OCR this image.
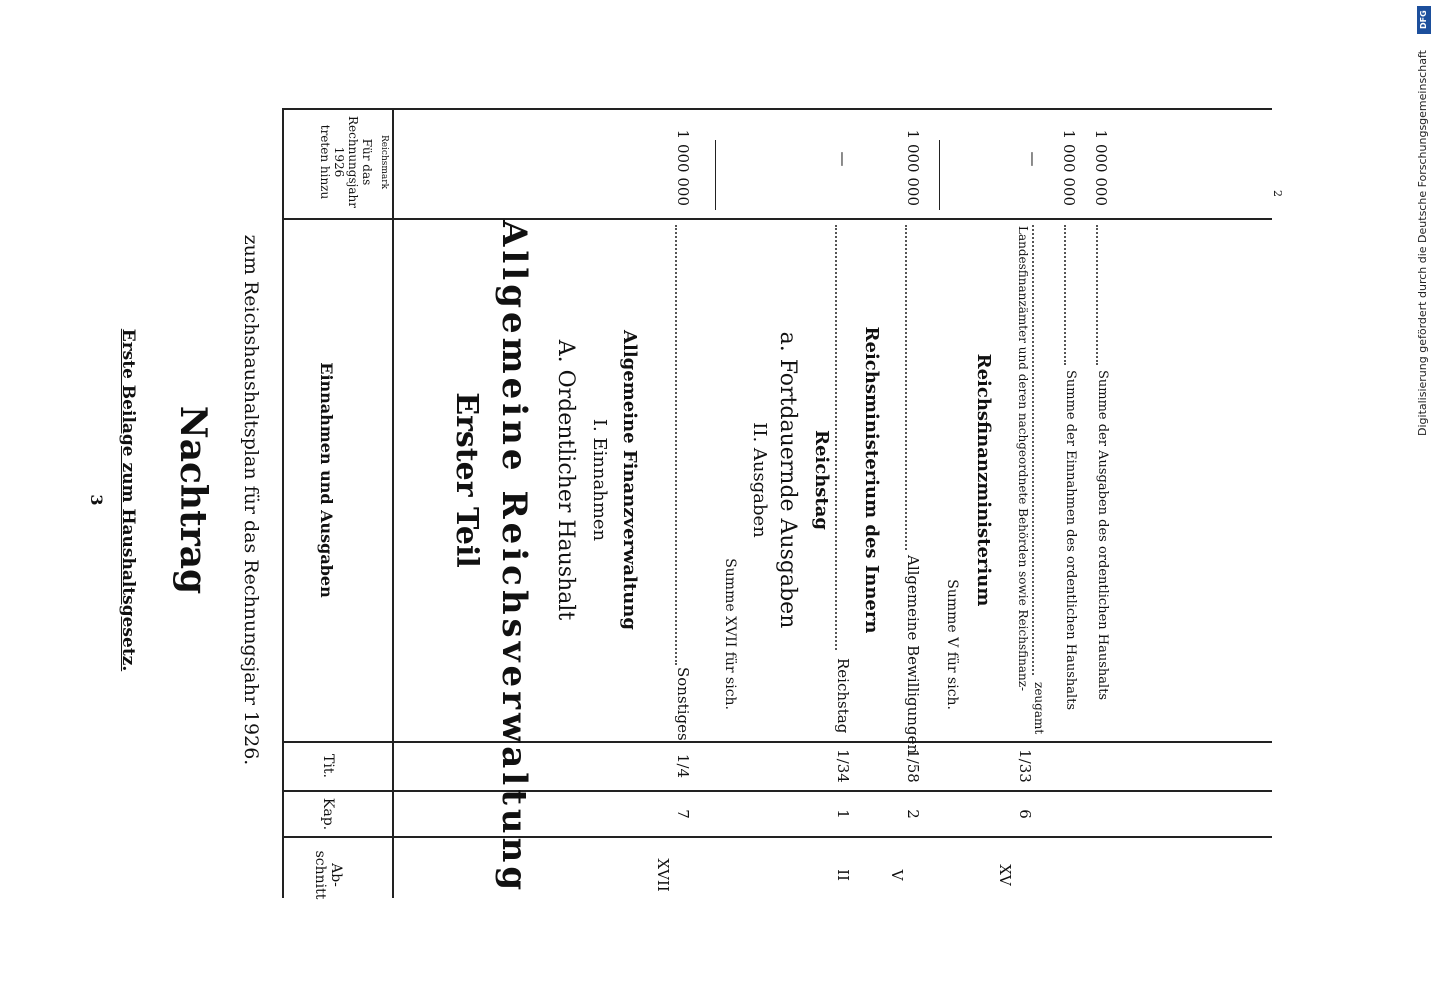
3 Erste Beilage zum Haushaltsgesetz. Nachtrag zum Reichshaushaltsplan für das Rechnungsjahr 1926.
Ab-
schnitt
Kap.
Tit.
Einnahmen und Ausgaben
Für das
Rechnungsjahr
1926
treten hinzu	Reichsmark
Erster Teil Allgemeine Reichsverwaltung A. Ordentlicher Haushalt I. Einnahmen Allgemeine Finanzverwaltung
XVII
7
1/4
Sonstiges
1 000 000
Summe XVII für sich.
II. Ausgaben a. Fortdauernde Ausgaben Reichstag
II
1
1/34
Reichstag
—
Reichsministerium des Innern
V
2
1/58
Allgemeine Bewilligungen
1 000 000
Summe V für sich.
Reichsfinanzministerium
XV
6
1/33
Landesfinanzämter und deren nachgeordnete Behörden sowie Reichsfinanz-
zeugamt
—
Summe der Einnahmen des ordentlichen Haushalts
1 000 000
Summe der Ausgaben des ordentlichen Haushalts
1 000 000	2
DFG
Digitalisierung gefördert durch die Deutsche Forschungsgemeinschaft
